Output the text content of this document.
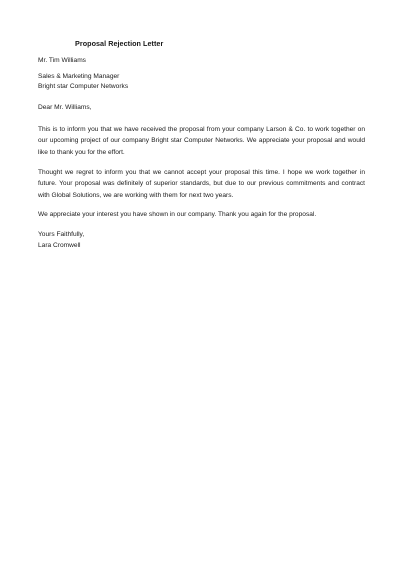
Proposal Rejection Letter
Mr. Tim Williams
Sales & Marketing Manager
Bright star Computer Networks
Dear Mr. Williams,
This is to inform you that we have received the proposal from your company Larson & Co. to work together on our upcoming project of our company Bright star Computer Networks. We appreciate your proposal and would like to thank you for the effort.
Thought we regret to inform you that we cannot accept your proposal this time. I hope we work together in future. Your proposal was definitely of superior standards, but due to our previous commitments and contract with Global Solutions, we are working with them for next two years.
We appreciate your interest you have shown in our company. Thank you again for the proposal.
Yours Faithfully,
Lara Cromwell
